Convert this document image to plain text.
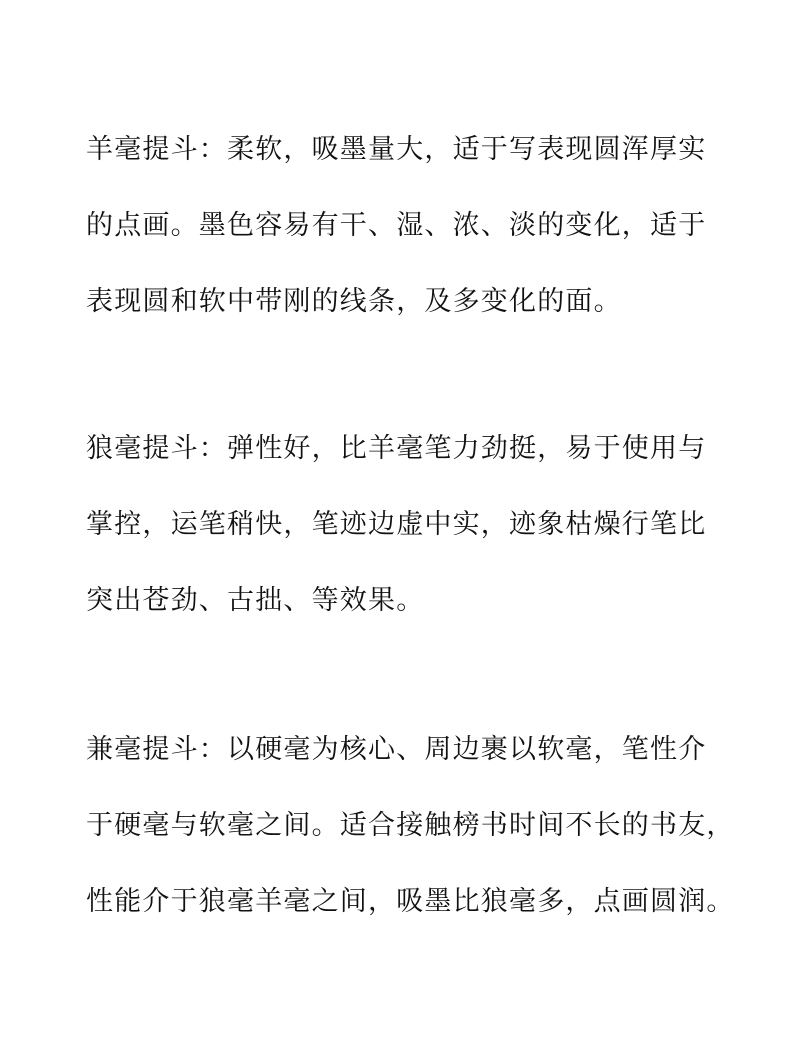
羊毫提斗：柔软，吸墨量大，适于写表现圆浑厚实
的点画。墨色容易有干、湿、浓、淡的变化，适于
表现圆和软中带刚的线条，及多变化的面。
狼毫提斗：弹性好，比羊毫笔力劲挺，易于使用与
掌控，运笔稍快，笔迹边虚中实，迹象枯燥行笔比
突出苍劲、古拙、等效果。
兼毫提斗：以硬毫为核心、周边裹以软毫，笔性介
于硬毫与软毫之间。适合接触榜书时间不长的书友，
性能介于狼毫羊毫之间，吸墨比狼毫多，点画圆润。
